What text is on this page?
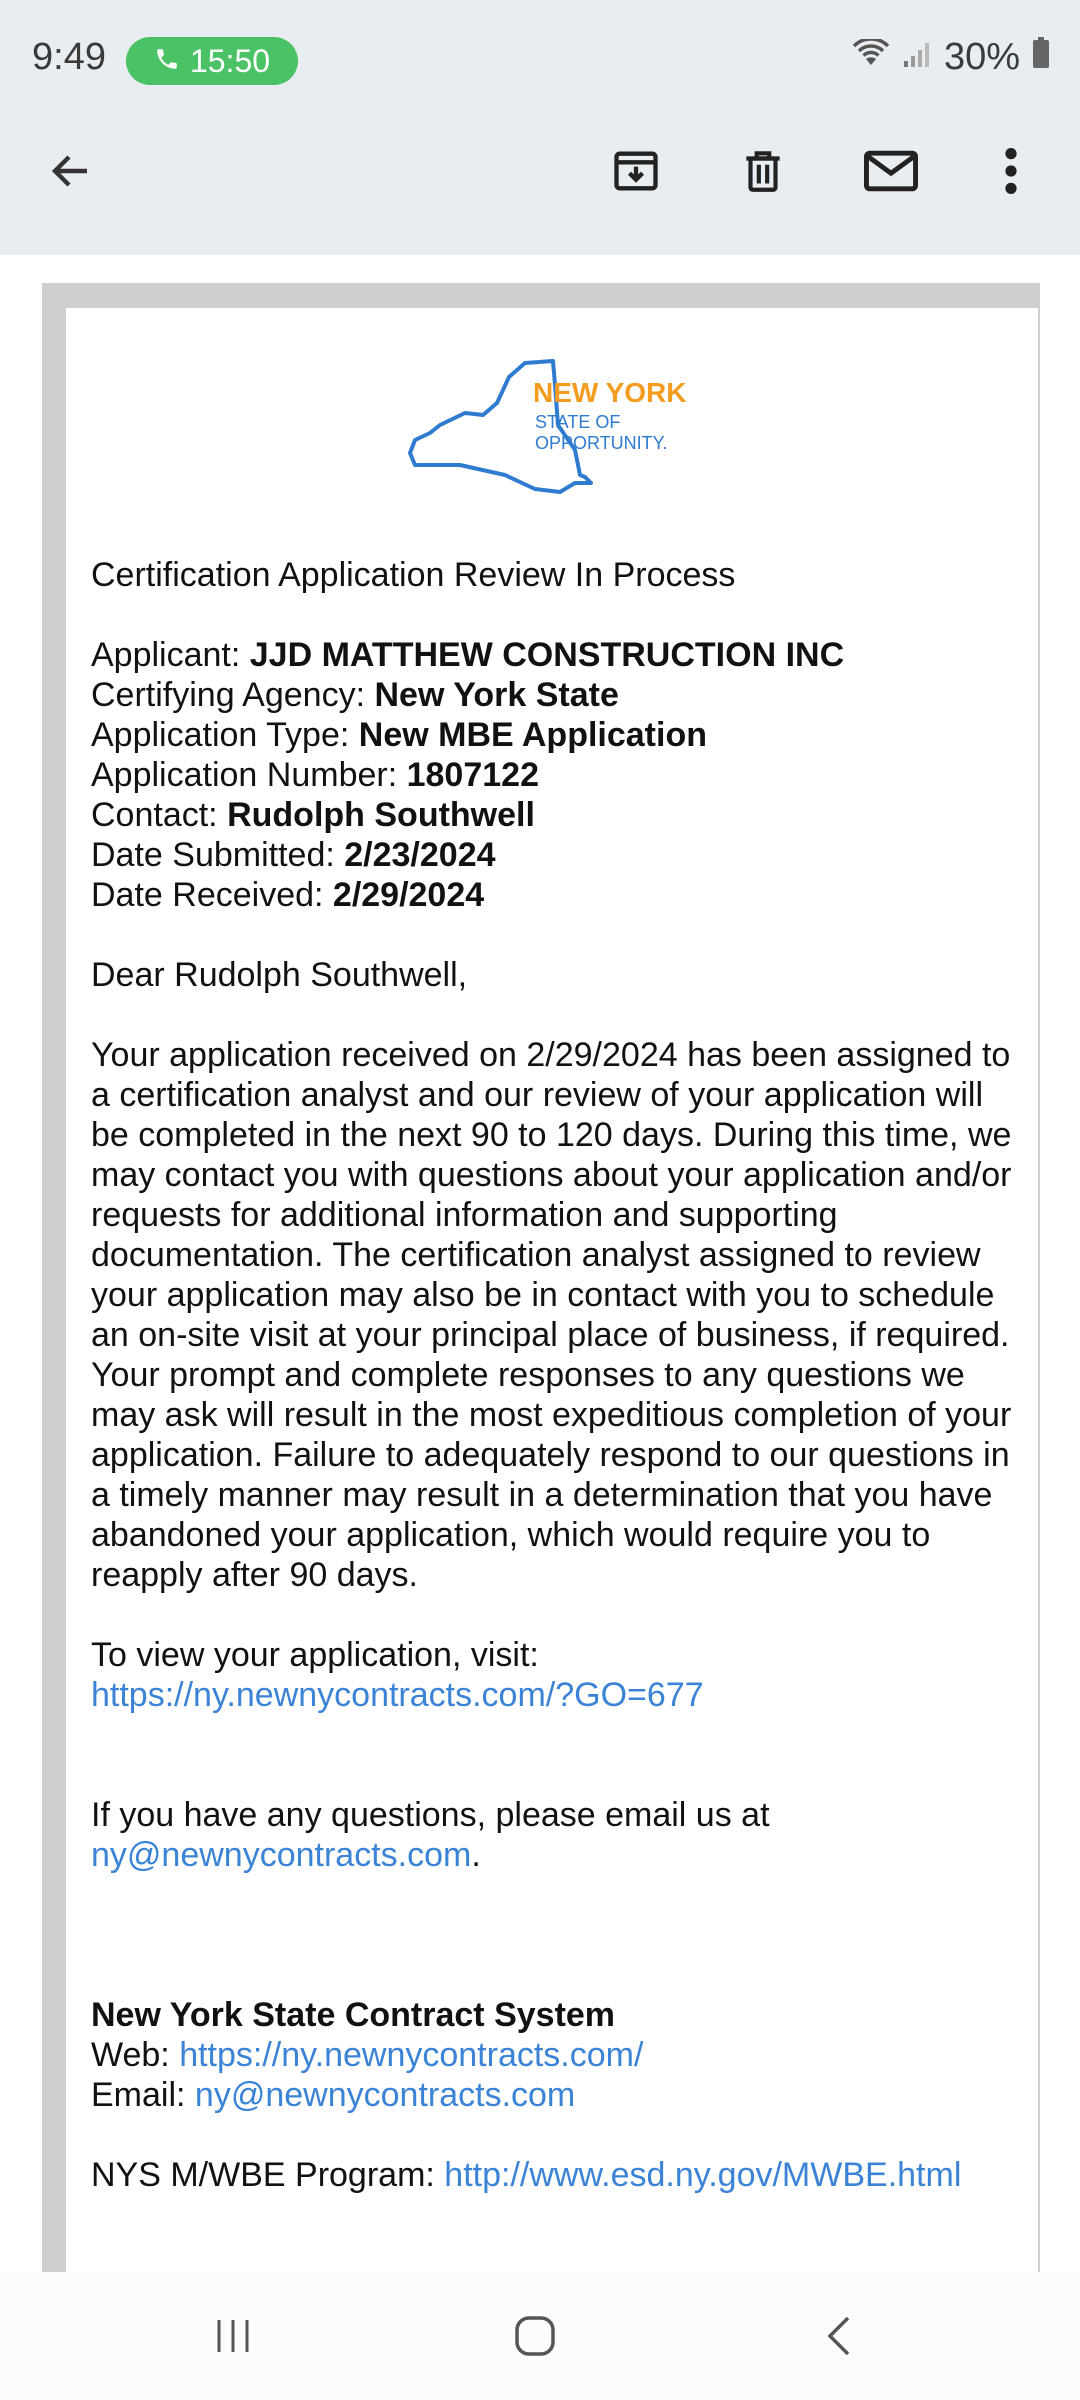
9:49	15:50	30%
NEW YORK
STATE OF
OPPORTUNITY.

Certification Application Review In Process

Applicant: JJD MATTHEW CONSTRUCTION INC

Certifying Agency: New York State

Application Type: New MBE Application

Application Number: 1807122

Contact: Rudolph Southwell

Date Submitted: 2/23/2024

Date Received: 2/29/2024

Dear Rudolph Southwell,

Your application received on 2/29/2024 has been assigned to a certification analyst and our review of your application will be completed in the next 90 to 120 days. During this time, we may contact you with questions about your application and/or requests for additional information and supporting documentation. The certification analyst assigned to review your application may also be in contact with you to schedule an on-site visit at your principal place of business, if required. Your prompt and complete responses to any questions we may ask will result in the most expeditious completion of your application. Failure to adequately respond to our questions in a timely manner may result in a determination that you have abandoned your application, which would require you to reapply after 90 days.

To view your application, visit:

https://ny.newnycontracts.com/?GO=677

If you have any questions, please email us at

ny@newnycontracts.com.

New York State Contract System

Web: https://ny.newnycontracts.com/

Email: ny@newnycontracts.com

NYS M/WBE Program: http://www.esd.ny.gov/MWBE.html
